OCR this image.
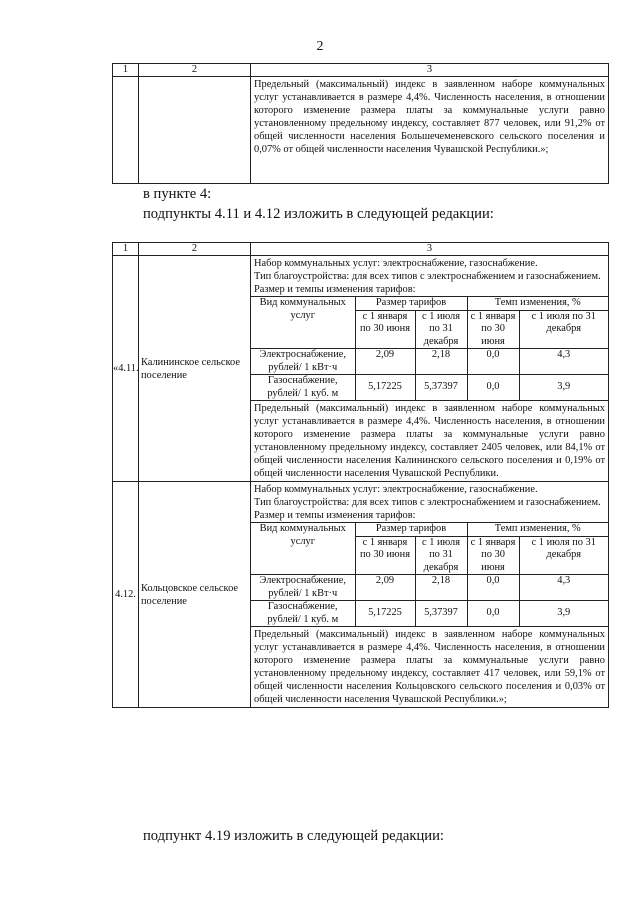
2
1	2	3
		Предельный (максимальный) индекс в заявленном наборе коммунальных услуг устанавливается в размере 4,4%. Численность населения, в отношении которого изменение размера платы за коммунальные услуги равно установленному предельному индексу, составляет 877 человек, или 91,2% от общей численности населения Большечеменевского сельского поселения и 0,07% от общей численности населения Чувашской Республики.»;
в пункте 4:
подпункты 4.11 и 4.12 изложить в следующей редакции:
1	2	3
«4.11.	Калининское сельское поселение	
Набор коммунальных услуг: электроснабжение, газоснабжение.
Тип благоустройства: для всех типов с электроснабжением и газоснабжением.
Размер и темпы изменения тарифов:
Вид коммунальных услуг	Размер тарифов	Темп изменения, %
с 1 января по 30 июня	с 1 июля по 31 декабря	с 1 января по 30 июня	с 1 июля по 31 декабря
Электроснабжение, рублей/ 1 кВт·ч	2,09	2,18	0,0	4,3
Газоснабжение, рублей/ 1 куб. м	5,17225	5,37397	0,0	3,9
Предельный (максимальный) индекс в заявленном наборе коммунальных услуг устанавливается в размере 4,4%. Численность населения, в отношении которого изменение размера платы за коммунальные услуги равно установленному предельному индексу, составляет 2405 человек, или 84,1% от общей численности населения Калининского сельского поселения и 0,19% от общей численности населения Чувашской Республики.

4.12.	Кольцовское сельское поселение	
Набор коммунальных услуг: электроснабжение, газоснабжение.
Тип благоустройства: для всех типов с электроснабжением и газоснабжением.
Размер и темпы изменения тарифов:
Вид коммунальных услуг	Размер тарифов	Темп изменения, %
с 1 января по 30 июня	с 1 июля по 31 декабря	с 1 января по 30 июня	с 1 июля по 31 декабря
Электроснабжение, рублей/ 1 кВт·ч	2,09	2,18	0,0	4,3
Газоснабжение, рублей/ 1 куб. м	5,17225	5,37397	0,0	3,9
Предельный (максимальный) индекс в заявленном наборе коммунальных услуг устанавливается в размере 4,4%. Численность населения, в отношении которого изменение размера платы за коммунальные услуги равно установленному предельному индексу, составляет 417 человек, или 59,1% от общей численности населения Кольцовского сельского поселения и 0,03% от общей численности населения Чувашской Республики.»;
подпункт 4.19 изложить в следующей редакции:
